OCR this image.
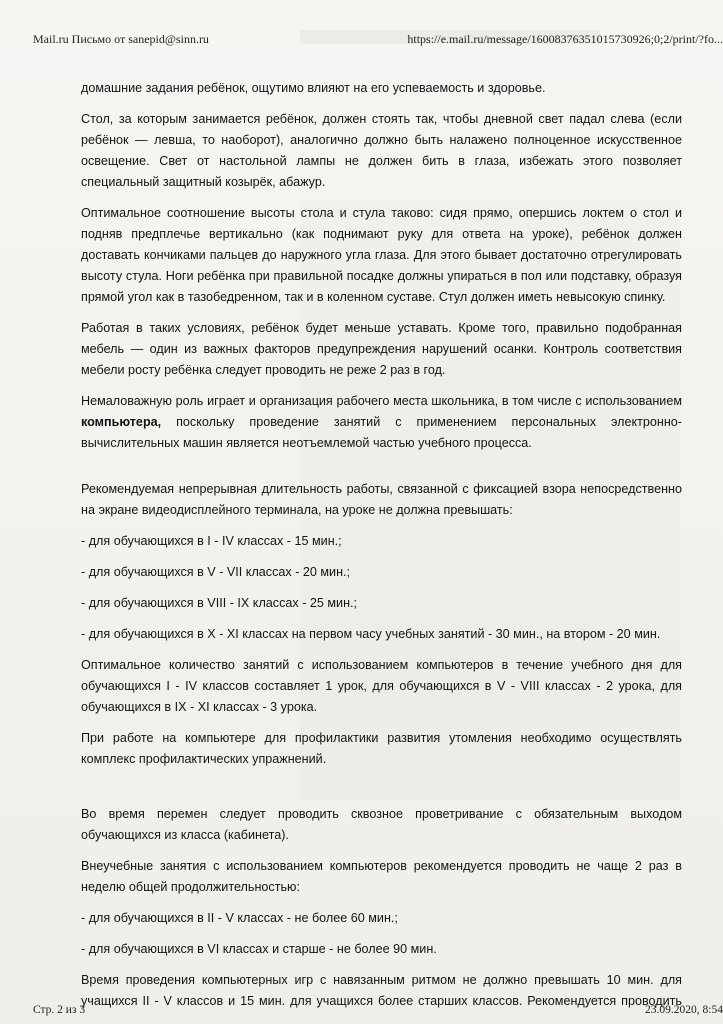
Mail.ru Письмо от sanepid@sinn.ru	https://e.mail.ru/message/16008376351015730926;0;2/print/?fo...

домашние задания ребёнок, ощутимо влияют на его успеваемость и здоровье.

Стол, за которым занимается ребёнок, должен стоять так, чтобы дневной свет падал слева (если ребёнок — левша, то наоборот), аналогично должно быть налажено полноценное искусственное освещение. Свет от настольной лампы не должен бить в глаза, избежать этого позволяет специальный защитный козырёк, абажур.

Оптимальное соотношение высоты стола и стула таково: сидя прямо, опершись локтем о стол и подняв предплечье вертикально (как поднимают руку для ответа на уроке), ребёнок должен доставать кончиками пальцев до наружного угла глаза. Для этого бывает достаточно отрегулировать высоту стула. Ноги ребёнка при правильной посадке должны упираться в пол или подставку, образуя прямой угол как в тазобедренном, так и в коленном суставе. Стул должен иметь невысокую спинку.

Работая в таких условиях, ребёнок будет меньше уставать. Кроме того, правильно подобранная мебель — один из важных факторов предупреждения нарушений осанки. Контроль соответствия мебели росту ребёнка следует проводить не реже 2 раз в год.

Немаловажную роль играет и организация рабочего места школьника, в том числе с использованием компьютера, поскольку проведение занятий с применением персональных электронно-вычислительных машин является неотъемлемой частью учебного процесса.

Рекомендуемая непрерывная длительность работы, связанной с фиксацией взора непосредственно на экране видеодисплейного терминала, на уроке не должна превышать:

- для обучающихся в I - IV классах - 15 мин.;

- для обучающихся в V - VII классах - 20 мин.;

- для обучающихся в VIII - IX классах - 25 мин.;

- для обучающихся в X - XI классах на первом часу учебных занятий - 30 мин., на втором - 20 мин.

Оптимальное количество занятий с использованием компьютеров в течение учебного дня для обучающихся I - IV классов составляет 1 урок, для обучающихся в V - VIII классах - 2 урока, для обучающихся в IX - XI классах - 3 урока.

При работе на компьютере для профилактики развития утомления необходимо осуществлять комплекс профилактических упражнений.

Во время перемен следует проводить сквозное проветривание с обязательным выходом обучающихся из класса (кабинета).

Внеучебные занятия с использованием компьютеров рекомендуется проводить не чаще 2 раз в неделю общей продолжительностью:

- для обучающихся в II - V классах - не более 60 мин.;

- для обучающихся в VI классах и старше - не более 90 мин.

Время проведения компьютерных игр с навязанным ритмом не должно превышать 10 мин. для учащихся II - V классов и 15 мин. для учащихся более старших классов. Рекомендуется проводить

Стр. 2 из 3	23.09.2020, 8:54
